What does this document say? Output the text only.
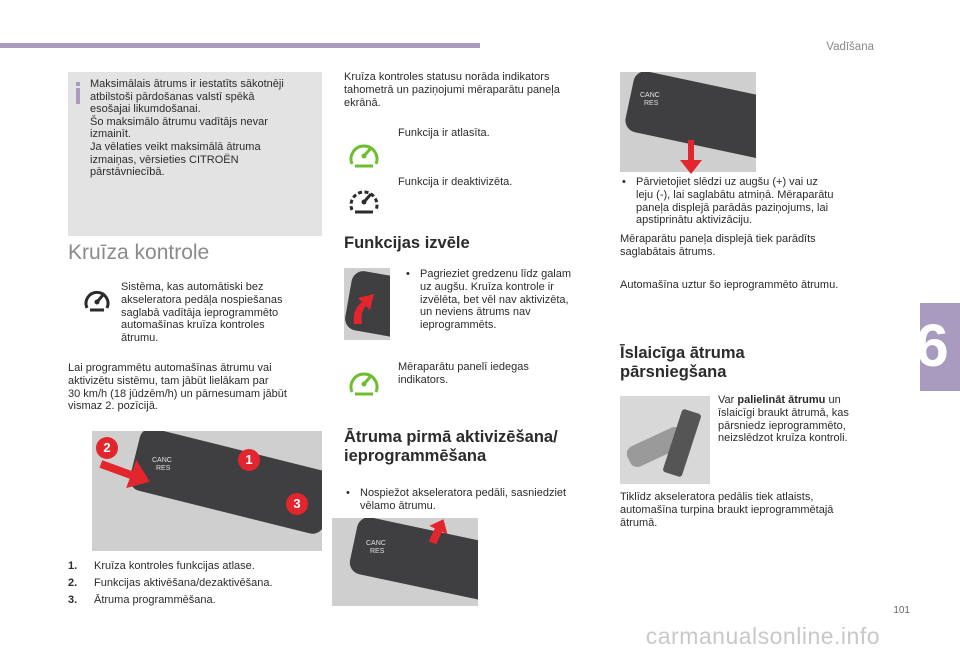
Vadīšana
6
101
carmanualsonline.info

Maksimālais ātrums ir iestatīts sākotnēji
atbilstoši pārdošanas valstī spēkā
esošajai likumdošanai.
Šo maksimālo ātrumu vadītājs nevar
izmainīt.
Ja vēlaties veikt maksimālā ātruma
izmaiņas, vērsieties CITROËN
pārstāvniecībā.

Kruīza kontrole
Sistēma, kas automātiski bez
akseleratora pedāļa nospiešanas
saglabā vadītāja ieprogrammēto
automašīnas kruīza kontroles
ātrumu.
Lai programmētu automašīnas ātrumu vai
aktivizētu sistēmu, tam jābūt lielākam par
30 km/h (18 jūdzēm/h) un pārnesumam jābūt
vismaz 2. pozīcijā.
CANC
RES
1
2
3
1. Kruīza kontroles funkcijas atlase.
2. Funkcijas aktivēšana/dezaktivēšana.
3. Ātruma programmēšana.
Kruīza kontroles statusu norāda indikators
tahometrā un paziņojumi mēraparātu paneļa
ekrānā.
Funkcija ir atlasīta.
Funkcija ir deaktivizēta.
Funkcijas izvēle
• Pagrieziet gredzenu līdz galam
uz augšu. Kruīza kontrole ir
izvēlēta, bet vēl nav aktivizēta,
un neviens ātrums nav
ieprogrammēts.
Mēraparātu panelī iedegas
indikators.
Ātruma pirmā aktivizēšana/
ieprogrammēšana
• Nospiežot akseleratora pedāli, sasniedziet
vēlamo ātrumu.
CANC
RES
CANC
RES
• Pārvietojiet slēdzi uz augšu (+) vai uz
leju (-), lai saglabātu atmiņā. Mēraparātu
paneļa displejā parādās paziņojums, lai
apstiprinātu aktivizāciju.
Mēraparātu paneļa displejā tiek parādīts
saglabātais ātrums.
Automašīna uztur šo ieprogrammēto ātrumu.
Īslaicīga ātruma
pārsniegšana
Var palielināt ātrumu un
īslaicīgi braukt ātrumā, kas
pārsniedz ieprogrammēto,
neizslēdzot kruīza kontroli.
Tiklīdz akseleratora pedālis tiek atlaists,
automašīna turpina braukt ieprogrammētajā
ātrumā.
